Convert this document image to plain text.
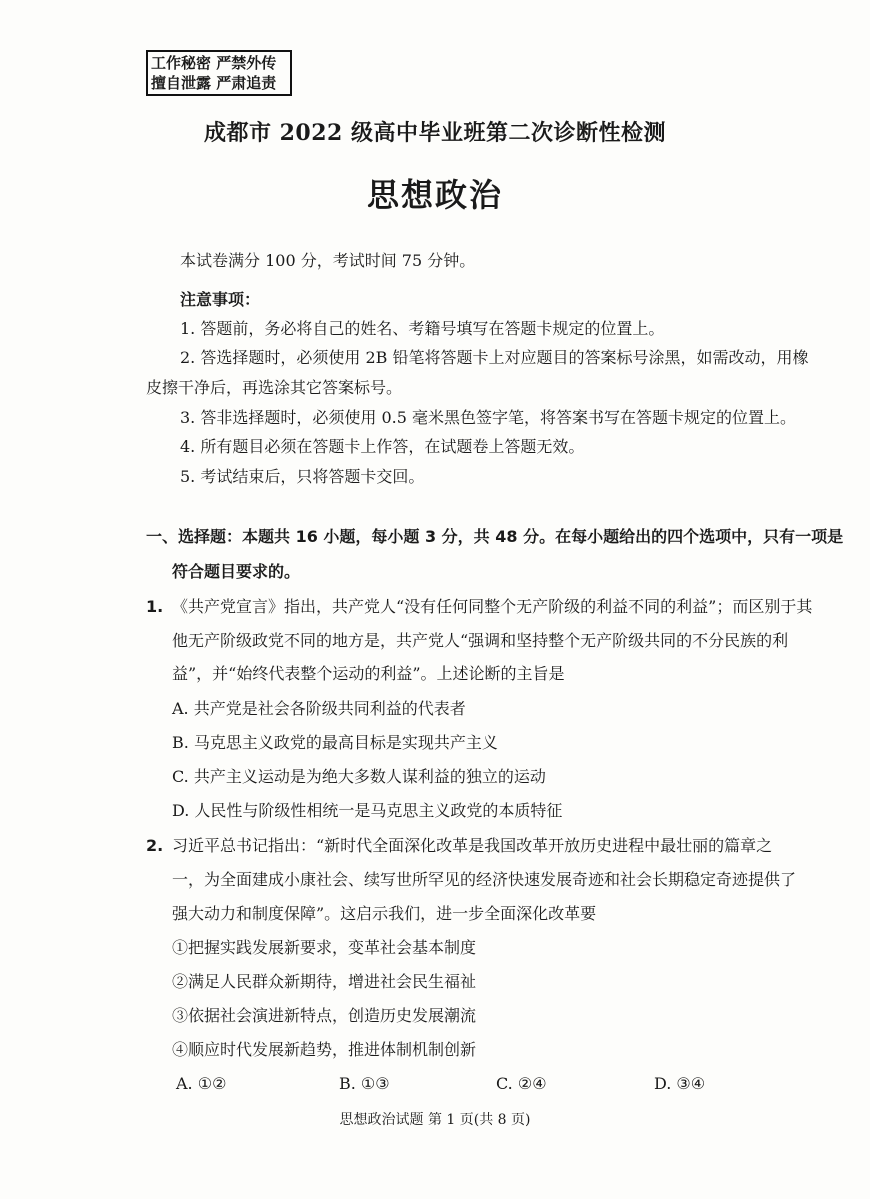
工作秘密 严禁外传
擅自泄露 严肃追责
成都市 2022 级高中毕业班第二次诊断性检测
思想政治
本试卷满分 100 分，考试时间 75 分钟。
注意事项：
1. 答题前，务必将自己的姓名、考籍号填写在答题卡规定的位置上。
2. 答选择题时，必须使用 2B 铅笔将答题卡上对应题目的答案标号涂黑，如需改动，用橡
皮擦干净后，再选涂其它答案标号。
3. 答非选择题时，必须使用 0.5 毫米黑色签字笔，将答案书写在答题卡规定的位置上。
4. 所有题目必须在答题卡上作答，在试题卷上答题无效。
5. 考试结束后，只将答题卡交回。
一、选择题：本题共 16 小题，每小题 3 分，共 48 分。在每小题给出的四个选项中，只有一项是
符合题目要求的。
1. 《共产党宣言》指出，共产党人“没有任何同整个无产阶级的利益不同的利益”；而区别于其
他无产阶级政党不同的地方是，共产党人“强调和坚持整个无产阶级共同的不分民族的利
益”，并“始终代表整个运动的利益”。上述论断的主旨是
A. 共产党是社会各阶级共同利益的代表者
B. 马克思主义政党的最高目标是实现共产主义
C. 共产主义运动是为绝大多数人谋利益的独立的运动
D. 人民性与阶级性相统一是马克思主义政党的本质特征
2. 习近平总书记指出：“新时代全面深化改革是我国改革开放历史进程中最壮丽的篇章之
一，为全面建成小康社会、续写世所罕见的经济快速发展奇迹和社会长期稳定奇迹提供了
强大动力和制度保障”。这启示我们，进一步全面深化改革要
①把握实践发展新要求，变革社会基本制度
②满足人民群众新期待，增进社会民生福祉
③依据社会演进新特点，创造历史发展潮流
④顺应时代发展新趋势，推进体制机制创新
A. ①②	B. ①③	C. ②④	D. ③④
思想政治试题 第 1 页(共 8 页)
